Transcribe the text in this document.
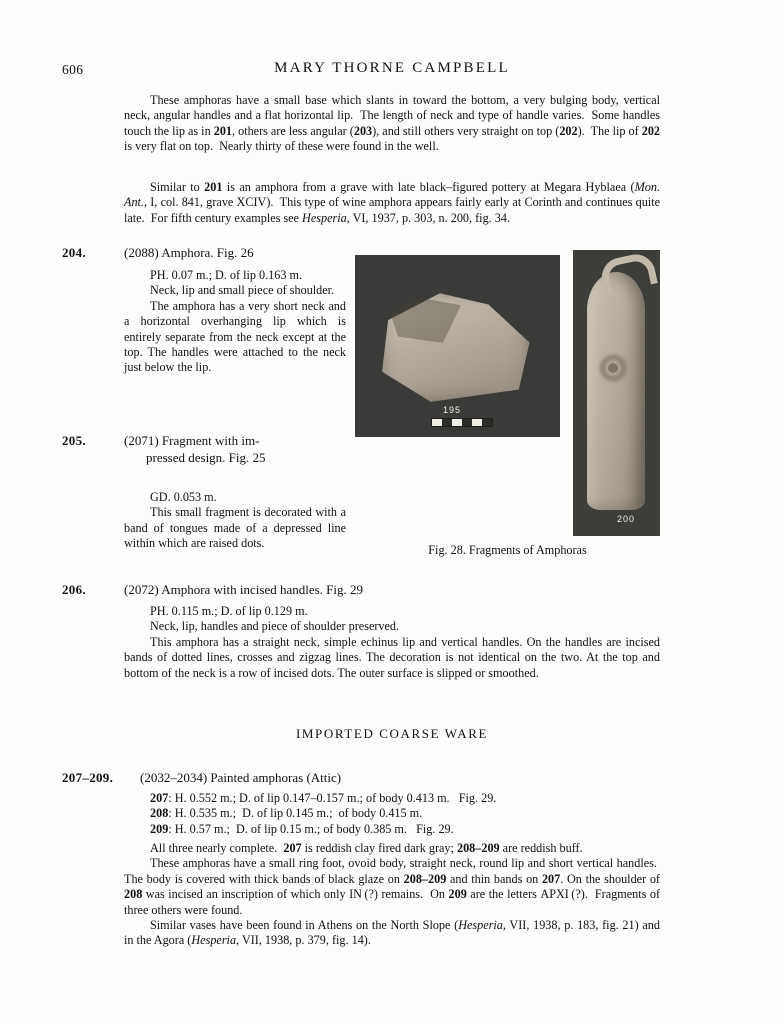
606	MARY THORNE CAMPBELL

These amphoras have a small base which slants in toward the bottom, a very bulging body, vertical neck, angular handles and a flat horizontal lip.  The length of neck and type of handle varies.  Some handles touch the lip as in 201, others are less angular (203), and still others very straight on top (202).  The lip of 202 is very flat on top.  Nearly thirty of these were found in the well.

Similar to 201 is an amphora from a grave with late black–figured pottery at Megara Hyblaea (Mon. Ant., I, col. 841, grave XCIV).  This type of wine amphora appears fairly early at Corinth and continues quite late.  For fifth century examples see Hesperia, VI, 1937, p. 303, n. 200, fig. 34.

204.	(2088) Amphora. Fig. 26

PH. 0.07 m.; D. of lip 0.163 m.

Neck, lip and small piece of shoulder.

The amphora has a very short neck and a horizontal overhanging lip which is entirely separate from the neck except at the top. The handles were attached to the neck just below the lip.

205.	(2071) Fragment with im-
pressed design. Fig. 25

GD. 0.053 m.

This small fragment is decorated with a band of tongues made of a depressed line within which are raised dots.

195
200
Fig. 28. Fragments of Amphoras
206.	(2072) Amphora with incised handles. Fig. 29

PH. 0.115 m.; D. of lip 0.129 m.

Neck, lip, handles and piece of shoulder preserved.

This amphora has a straight neck, simple echinus lip and vertical handles. On the handles are incised bands of dotted lines, crosses and zigzag lines. The decoration is not identical on the two. At the top and bottom of the neck is a row of incised dots. The outer surface is slipped or smoothed.

IMPORTED COARSE WARE
207–209. (2032–2034) Painted amphoras (Attic)

207: H. 0.552 m.; D. of lip 0.147–0.157 m.; of body 0.413 m.   Fig. 29.

208: H. 0.535 m.;  D. of lip 0.145 m.;  of body 0.415 m.

209: H. 0.57 m.;  D. of lip 0.15 m.; of body 0.385 m.   Fig. 29.

All three nearly complete.  207 is reddish clay fired dark gray; 208–209 are reddish buff.

These amphoras have a small ring foot, ovoid body, straight neck, round lip and short vertical handles.  The body is covered with thick bands of black glaze on 208–209 and thin bands on 207. On the shoulder of 208 was incised an inscription of which only IN (?) remains.  On 209 are the letters ΑΡΧΙ (?).  Fragments of three others were found.

Similar vases have been found in Athens on the North Slope (Hesperia, VII, 1938, p. 183, fig. 21) and in the Agora (Hesperia, VII, 1938, p. 379, fig. 14).
